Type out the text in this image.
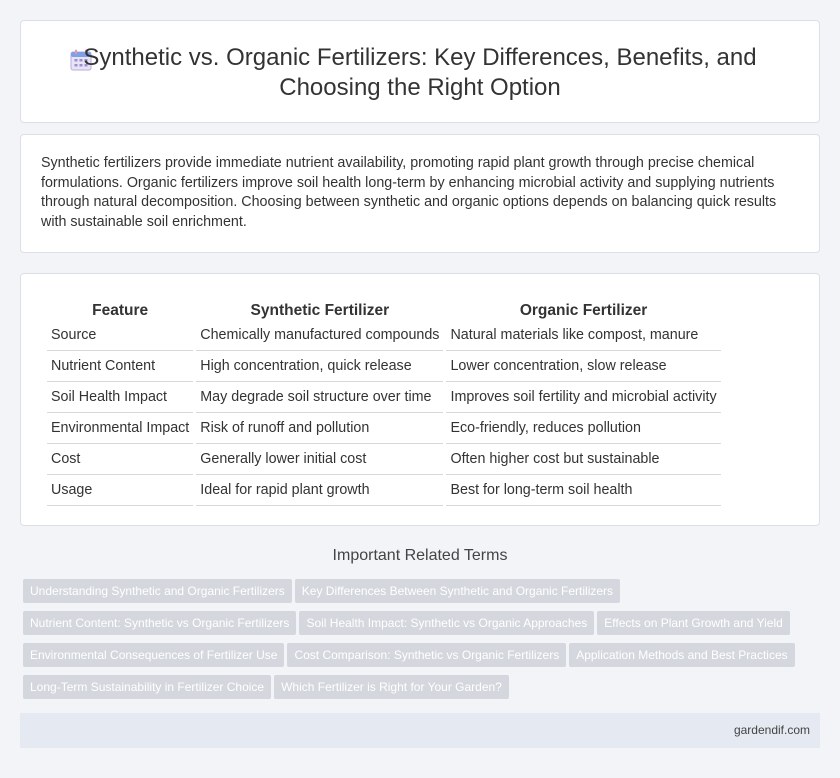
Synthetic vs. Organic Fertilizers: Key Differences, Benefits, and Choosing the Right Option

Synthetic fertilizers provide immediate nutrient availability, promoting rapid plant growth through precise chemical formulations. Organic fertilizers improve soil health long-term by enhancing microbial activity and supplying nutrients through natural decomposition. Choosing between synthetic and organic options depends on balancing quick results with sustainable soil enrichment.

Feature	Synthetic Fertilizer	Organic Fertilizer
Source	Chemically manufactured compounds	Natural materials like compost, manure
Nutrient Content	High concentration, quick release	Lower concentration, slow release
Soil Health Impact	May degrade soil structure over time	Improves soil fertility and microbial activity
Environmental Impact	Risk of runoff and pollution	Eco-friendly, reduces pollution
Cost	Generally lower initial cost	Often higher cost but sustainable
Usage	Ideal for rapid plant growth	Best for long-term soil health
Important Related Terms
Understanding Synthetic and Organic Fertilizers Key Differences Between Synthetic and Organic Fertilizers
Nutrient Content: Synthetic vs Organic Fertilizers Soil Health Impact: Synthetic vs Organic Approaches Effects on Plant Growth and Yield
Environmental Consequences of Fertilizer Use Cost Comparison: Synthetic vs Organic Fertilizers Application Methods and Best Practices
Long-Term Sustainability in Fertilizer Choice Which Fertilizer is Right for Your Garden?
gardendif.com
